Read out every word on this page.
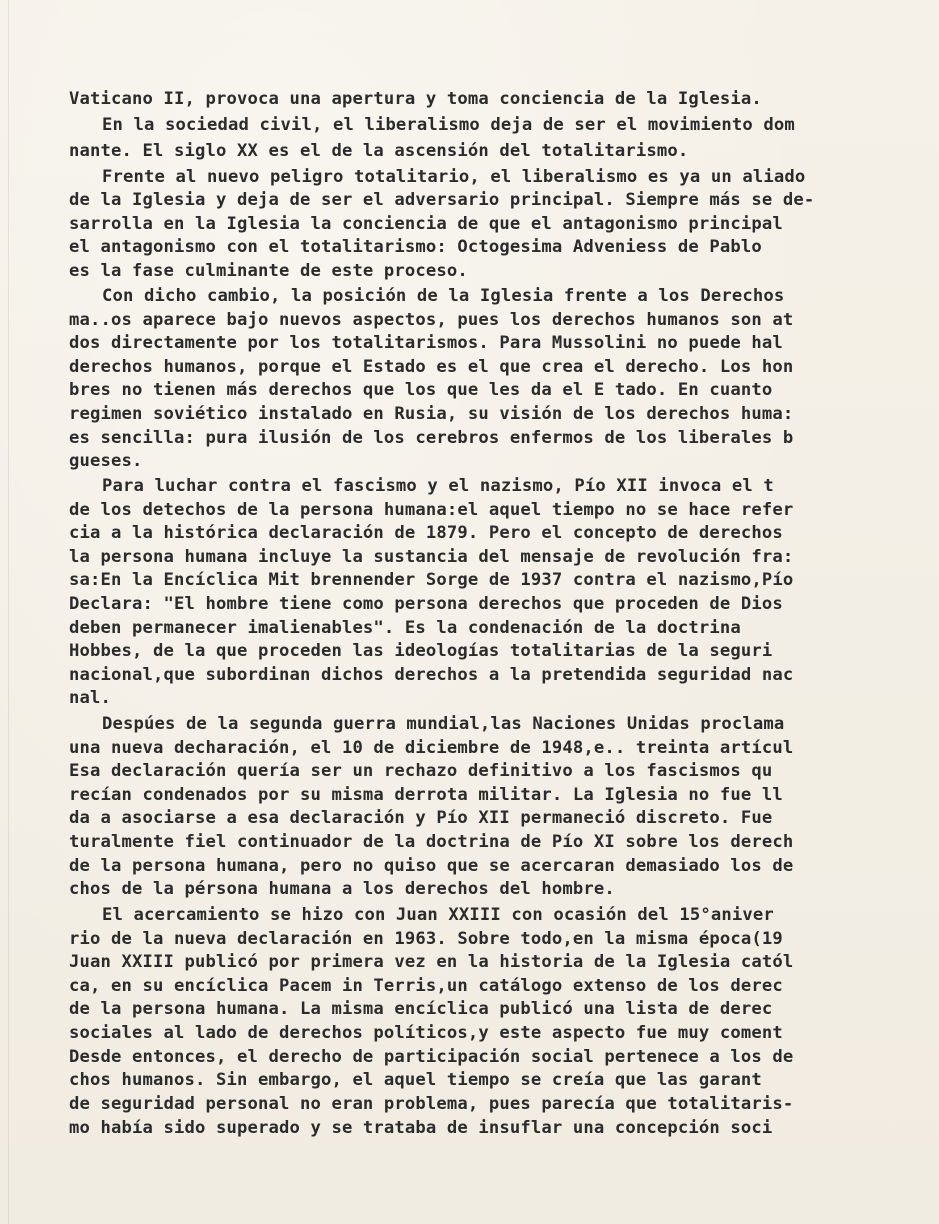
Vaticano II, provoca una apertura y toma conciencia de la Iglesia.
En la sociedad civil, el liberalismo deja de ser el movimiento dom
nante. El siglo XX es el de la ascensión del totalitarismo.
Frente al nuevo peligro totalitario, el liberalismo es ya un aliado
de la Iglesia y deja de ser el adversario principal. Siempre más se de-
sarrolla en la Iglesia la conciencia de que el antagonismo principal
el antagonismo con el totalitarismo: Octogesima Adveniess de Pablo
es la fase culminante de este proceso.
Con dicho cambio, la posición de la Iglesia frente a los Derechos
ma..os aparece bajo nuevos aspectos, pues los derechos humanos son at
dos directamente por los totalitarismos. Para Mussolini no puede hal
derechos humanos, porque el Estado es el que crea el derecho. Los hon
bres no tienen más derechos que los que les da el E tado. En cuanto
regimen soviético instalado en Rusia, su visión de los derechos huma:
es sencilla: pura ilusión de los cerebros enfermos de los liberales b
gueses.
Para luchar contra el fascismo y el nazismo, Pío XII invoca el t
de los detechos de la persona humana:el aquel tiempo no se hace refer
cia a la histórica declaración de 1879. Pero el concepto de derechos
la persona humana incluye la sustancia del mensaje de revolución fra:
sa:En la Encíclica Mit brennender Sorge de 1937 contra el nazismo,Pío
Declara: "El hombre tiene como persona derechos que proceden de Dios
deben permanecer imalienables". Es la condenación de la doctrina
Hobbes, de la que proceden las ideologías totalitarias de la seguri
nacional,que subordinan dichos derechos a la pretendida seguridad nac
nal.
Despúes de la segunda guerra mundial,las Naciones Unidas proclama
una nueva decharación, el 10 de diciembre de 1948,e.. treinta artícul
Esa declaración quería ser un rechazo definitivo a los fascismos qu
recían condenados por su misma derrota militar. La Iglesia no fue ll
da a asociarse a esa declaración y Pío XII permaneció discreto. Fue
turalmente fiel continuador de la doctrina de Pío XI sobre los derech
de la persona humana, pero no quiso que se acercaran demasiado los de
chos de la pérsona humana a los derechos del hombre.
El acercamiento se hizo con Juan XXIII con ocasión del 15°aniver
rio de la nueva declaración en 1963. Sobre todo,en la misma época(19
Juan XXIII publicó por primera vez en la historia de la Iglesia catól
ca, en su encíclica Pacem in Terris,un catálogo extenso de los derec
de la persona humana. La misma encíclica publicó una lista de derec
sociales al lado de derechos políticos,y este aspecto fue muy coment
Desde entonces, el derecho de participación social pertenece a los de
chos humanos. Sin embargo, el aquel tiempo se creía que las garant
de seguridad personal no eran problema, pues parecía que totalitaris-
mo había sido superado y se trataba de insuflar una concepción soci
